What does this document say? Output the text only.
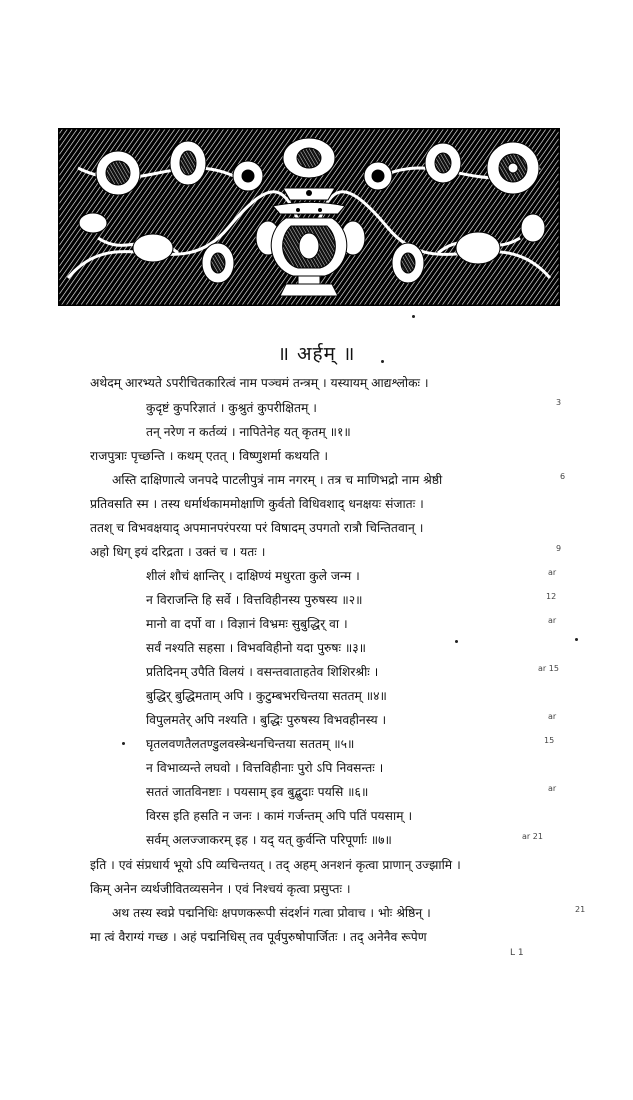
॥ अर्हम् ॥
अथेदम् आरभ्यते ऽपरीचितकारित्वं नाम पञ्चमं तन्त्रम् । यस्यायम् आद्यश्लोकः ।
कुदृष्टं कुपरिज्ञातं । कुश्रुतं कुपरीक्षितम् ।
तन् नरेण न कर्तव्यं । नापितेनेह यत् कृतम् ॥१॥
राजपुत्राः पृच्छन्ति । कथम् एतत् । विष्णुशर्मा कथयति ।
अस्ति दाक्षिणात्ये जनपदे पाटलीपुत्रं नाम नगरम् । तत्र च माणिभद्रो नाम श्रेष्ठी
प्रतिवसति स्म । तस्य धर्मार्थकाममोक्षाणि कुर्वतो विधिवशाद् धनक्षयः संजातः ।
ततश् च विभवक्षयाद् अपमानपरंपरया परं विषादम् उपगतो रात्रौ चिन्तितवान् ।
अहो धिग् इयं दरिद्रता । उक्तं च । यतः ।
शीलं शौचं क्षान्तिर् । दाक्षिण्यं मधुरता कुले जन्म ।
न विराजन्ति हि सर्वे । वित्तविहीनस्य पुरुषस्य ॥२॥
मानो वा दर्पो वा । विज्ञानं विभ्रमः सुबुद्धिर् वा ।
सर्वं नश्यति सहसा । विभवविहीनो यदा पुरुषः ॥३॥
प्रतिदिनम् उपैति विलयं । वसन्तवाताहतेव शिशिरश्रीः ।
बुद्धिर् बुद्धिमताम् अपि । कुटुम्बभरचिन्तया सततम् ॥४॥
विपुलमतेर् अपि नश्यति । बुद्धिः पुरुषस्य विभवहीनस्य ।
घृतलवणतैलतण्डुलवस्त्रेन्धनचिन्तया सततम् ॥५॥
न विभाव्यन्ते लघवो । वित्तविहीनाः पुरो ऽपि निवसन्तः ।
सततं जातविनष्टाः । पयसाम् इव बुद्बुदाः पयसि ॥६॥
विरस इति हसति न जनः । कामं गर्जन्तम् अपि पतिं पयसाम् ।
सर्वम् अलज्जाकरम् इह । यद् यत् कुर्वन्ति परिपूर्णाः ॥७॥
इति । एवं संप्रधार्य भूयो ऽपि व्यचिन्तयत् । तद् अहम् अनशनं कृत्वा प्राणान् उज्झामि ।
किम् अनेन व्यर्थजीवितव्यसनेन । एवं निश्चयं कृत्वा प्रसुप्तः ।
अथ तस्य स्वप्ने पद्मनिधिः क्षपणकरूपी संदर्शनं गत्वा प्रोवाच । भोः श्रेष्ठिन् ।
मा त्वं वैराग्यं गच्छ । अहं पद्मनिधिस् तव पूर्वपुरुषोपार्जितः । तद् अनेनैव रूपेण
3
6
9
ar
12
ar
ar 15
ar
15
ar
ar 21
21
L 1
